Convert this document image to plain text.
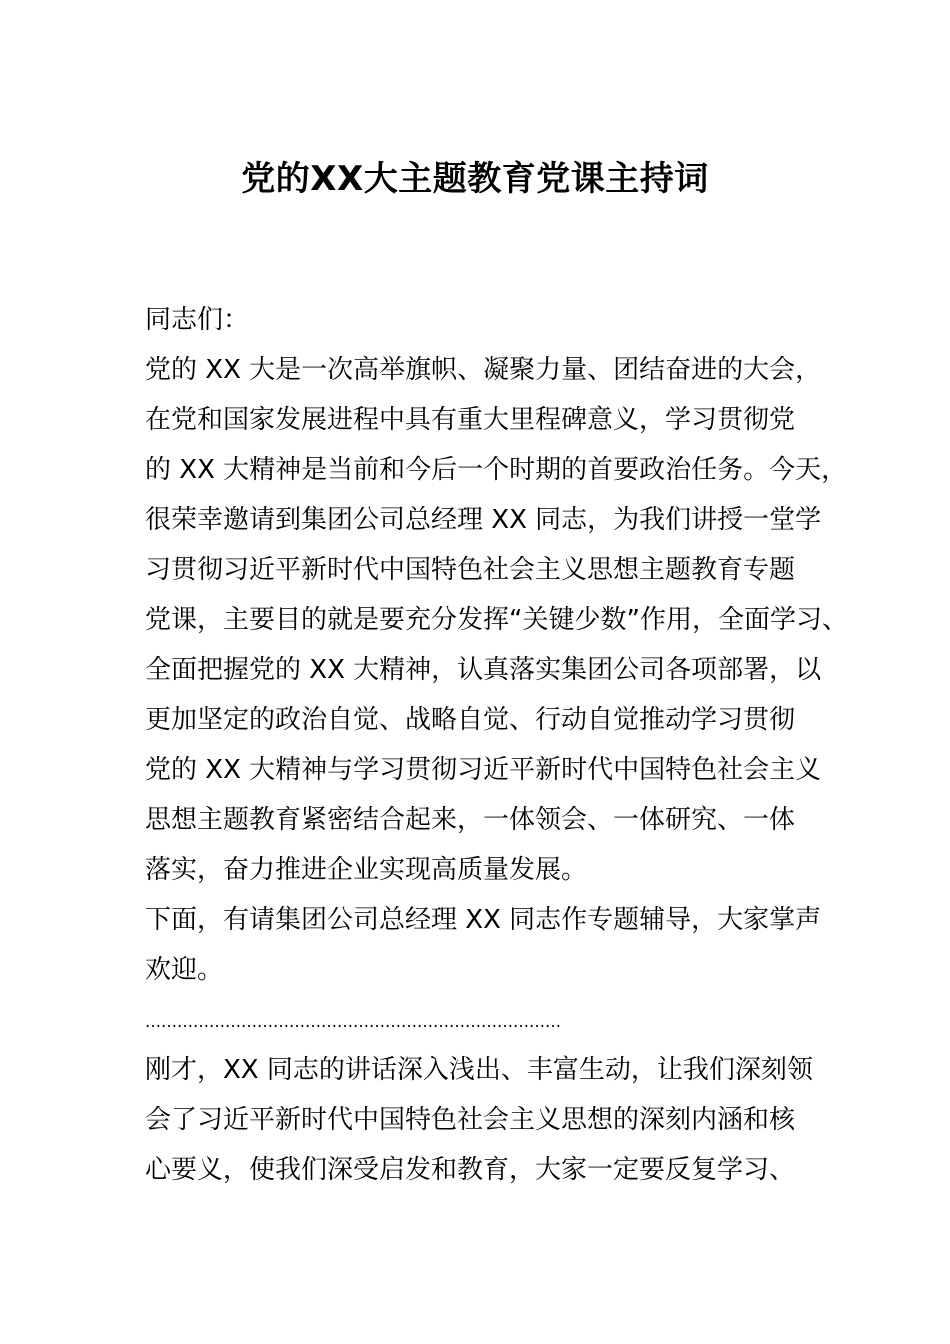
党的XX大主题教育党课主持词
同志们：
党的 XX 大是一次高举旗帜、凝聚力量、团结奋进的大会，
在党和国家发展进程中具有重大里程碑意义，学习贯彻党
的 XX 大精神是当前和今后一个时期的首要政治任务。今天，
很荣幸邀请到集团公司总经理 XX 同志，为我们讲授一堂学
习贯彻习近平新时代中国特色社会主义思想主题教育专题
党课，主要目的就是要充分发挥“关键少数”作用，全面学习、
全面把握党的 XX 大精神，认真落实集团公司各项部署，以
更加坚定的政治自觉、战略自觉、行动自觉推动学习贯彻
党的 XX 大精神与学习贯彻习近平新时代中国特色社会主义
思想主题教育紧密结合起来，一体领会、一体研究、一体
落实，奋力推进企业实现高质量发展。
下面，有请集团公司总经理 XX 同志作专题辅导，大家掌声
欢迎。
……………………………………………………………………
刚才，XX 同志的讲话深入浅出、丰富生动，让我们深刻领
会了习近平新时代中国特色社会主义思想的深刻内涵和核
心要义，使我们深受启发和教育，大家一定要反复学习、
